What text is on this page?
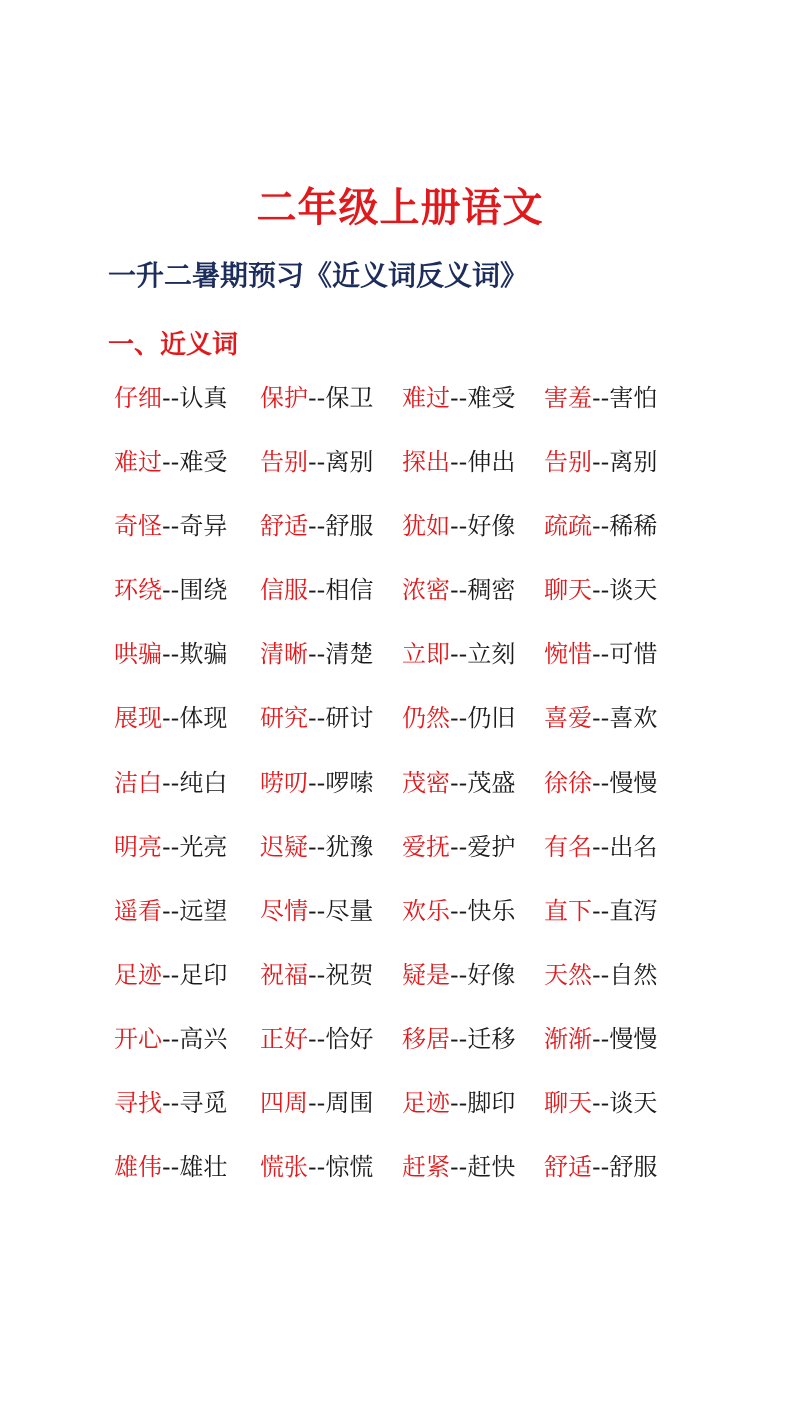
二年级上册语文
一升二暑期预习《近义词反义词》
一、近义词
仔细--认真 保护--保卫 难过--难受 害羞--害怕
难过--难受 告别--离别 探出--伸出 告别--离别
奇怪--奇异 舒适--舒服 犹如--好像 疏疏--稀稀
环绕--围绕 信服--相信 浓密--稠密 聊天--谈天
哄骗--欺骗 清晰--清楚 立即--立刻 惋惜--可惜
展现--体现 研究--研讨 仍然--仍旧 喜爱--喜欢
洁白--纯白 唠叨--啰嗦 茂密--茂盛 徐徐--慢慢
明亮--光亮 迟疑--犹豫 爱抚--爱护 有名--出名
遥看--远望 尽情--尽量 欢乐--快乐 直下--直泻
足迹--足印 祝福--祝贺 疑是--好像 天然--自然
开心--高兴 正好--恰好 移居--迁移 渐渐--慢慢
寻找--寻觅 四周--周围 足迹--脚印 聊天--谈天
雄伟--雄壮 慌张--惊慌 赶紧--赶快 舒适--舒服
